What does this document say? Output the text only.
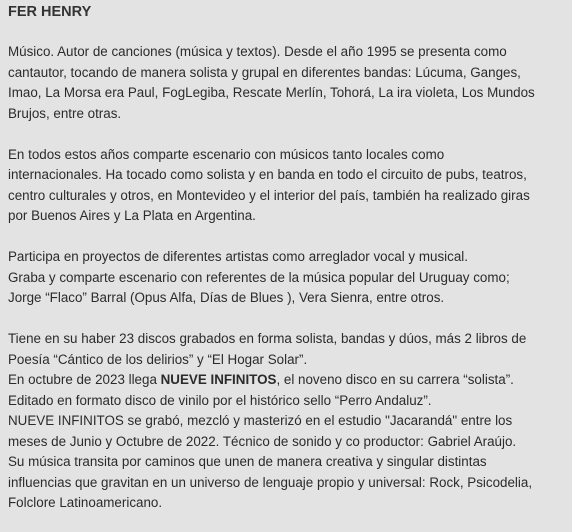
FER HENRY

Músico. Autor de canciones (música y textos). Desde el año 1995 se presenta como
cantautor, tocando de manera solista y grupal en diferentes bandas: Lúcuma, Ganges,
Imao, La Morsa era Paul, FogLegiba, Rescate Merlín, Tohorá, La ira violeta, Los Mundos
Brujos, entre otras.

En todos estos años comparte escenario con músicos tanto locales como
internacionales. Ha tocado como solista y en banda en todo el circuito de pubs, teatros,
centro culturales y otros, en Montevideo y el interior del país, también ha realizado giras
por Buenos Aires y La Plata en Argentina.

Participa en proyectos de diferentes artistas como arreglador vocal y musical.
Graba y comparte escenario con referentes de la música popular del Uruguay como;
Jorge “Flaco” Barral (Opus Alfa, Días de Blues ), Vera Sienra, entre otros.

Tiene en su haber 23 discos grabados en forma solista, bandas y dúos, más 2 libros de
Poesía “Cántico de los delirios” y “El Hogar Solar”.
En octubre de 2023 llega NUEVE INFINITOS, el noveno disco en su carrera “solista”.
Editado en formato disco de vinilo por el histórico sello “Perro Andaluz”.
NUEVE INFINITOS se grabó, mezcló y masterizó en el estudio "Jacarandá" entre los
meses de Junio y Octubre de 2022. Técnico de sonido y co productor: Gabriel Araújo.
Su música transita por caminos que unen de manera creativa y singular distintas
influencias que gravitan en un universo de lenguaje propio y universal: Rock, Psicodelia,
Folclore Latinoamericano.
